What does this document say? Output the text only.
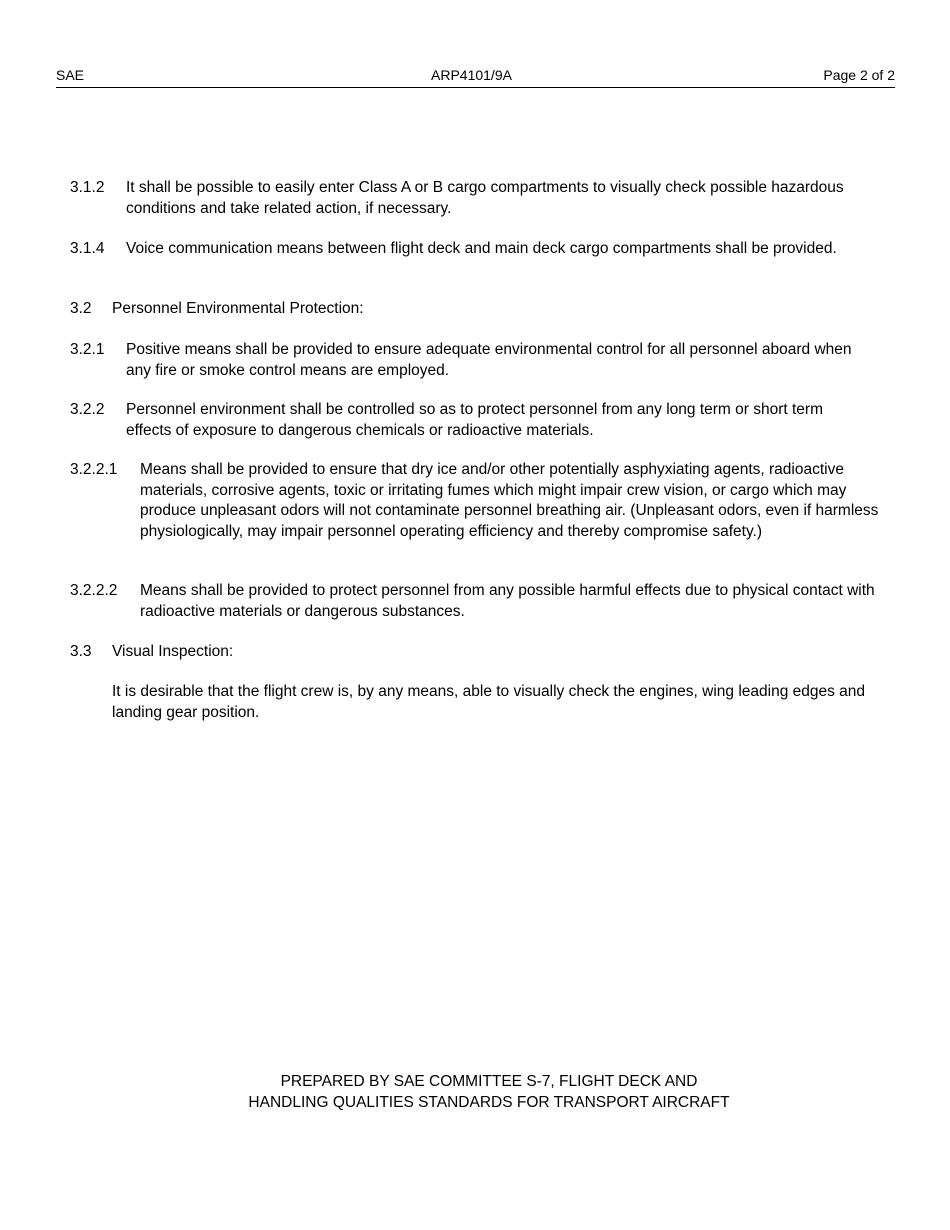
SAE	ARP4101/9A	Page 2 of 2
3.1.2 It shall be possible to easily enter Class A or B cargo compartments to visually check possible hazardous conditions and take related action, if necessary.
3.1.4 Voice communication means between flight deck and main deck cargo compartments shall be provided.
3.2 Personnel Environmental Protection:
3.2.1 Positive means shall be provided to ensure adequate environmental control for all personnel aboard when any fire or smoke control means are employed.
3.2.2 Personnel environment shall be controlled so as to protect personnel from any long term or short term effects of exposure to dangerous chemicals or radioactive materials.
3.2.2.1 Means shall be provided to ensure that dry ice and/or other potentially asphyxiating agents, radioactive materials, corrosive agents, toxic or irritating fumes which might impair crew vision, or cargo which may produce unpleasant odors will not contaminate personnel breathing air. (Unpleasant odors, even if harmless physiologically, may impair personnel operating efficiency and thereby compromise safety.)
3.2.2.2 Means shall be provided to protect personnel from any possible harmful effects due to physical contact with radioactive materials or dangerous substances.
3.3 Visual Inspection:
It is desirable that the flight crew is, by any means, able to visually check the engines, wing leading edges and landing gear position.
PREPARED BY SAE COMMITTEE S-7, FLIGHT DECK AND
HANDLING QUALITIES STANDARDS FOR TRANSPORT AIRCRAFT
